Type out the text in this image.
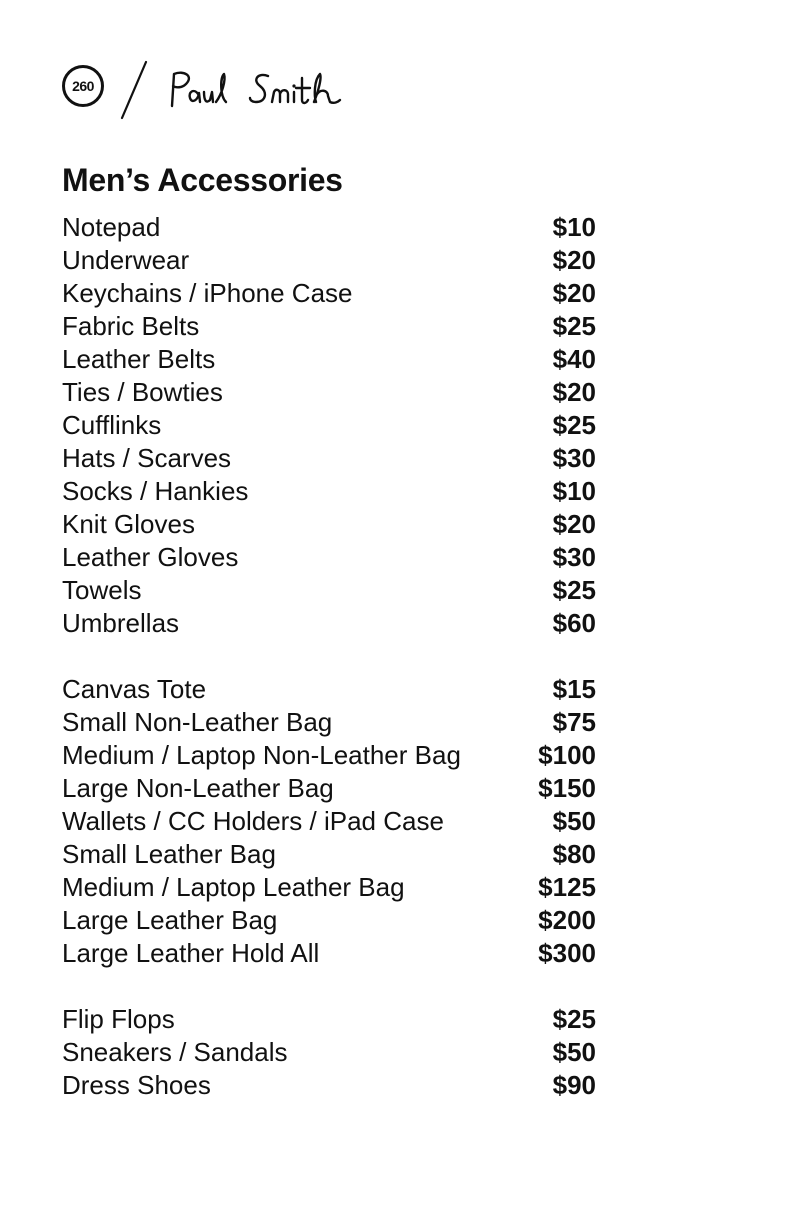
260
Men’s Accessories
Notepad	$10
Underwear	$20
Keychains / iPhone Case	$20
Fabric Belts	$25
Leather Belts	$40
Ties / Bowties	$20
Cufflinks	$25
Hats / Scarves	$30
Socks / Hankies	$10
Knit Gloves	$20
Leather Gloves	$30
Towels	$25
Umbrellas	$60
Canvas Tote	$15
Small Non-Leather Bag	$75
Medium / Laptop Non-Leather Bag	$100
Large Non-Leather Bag	$150
Wallets / CC Holders / iPad Case	$50
Small Leather Bag	$80
Medium / Laptop Leather Bag	$125
Large Leather Bag	$200
Large Leather Hold All	$300
Flip Flops	$25
Sneakers / Sandals	$50
Dress Shoes	$90
